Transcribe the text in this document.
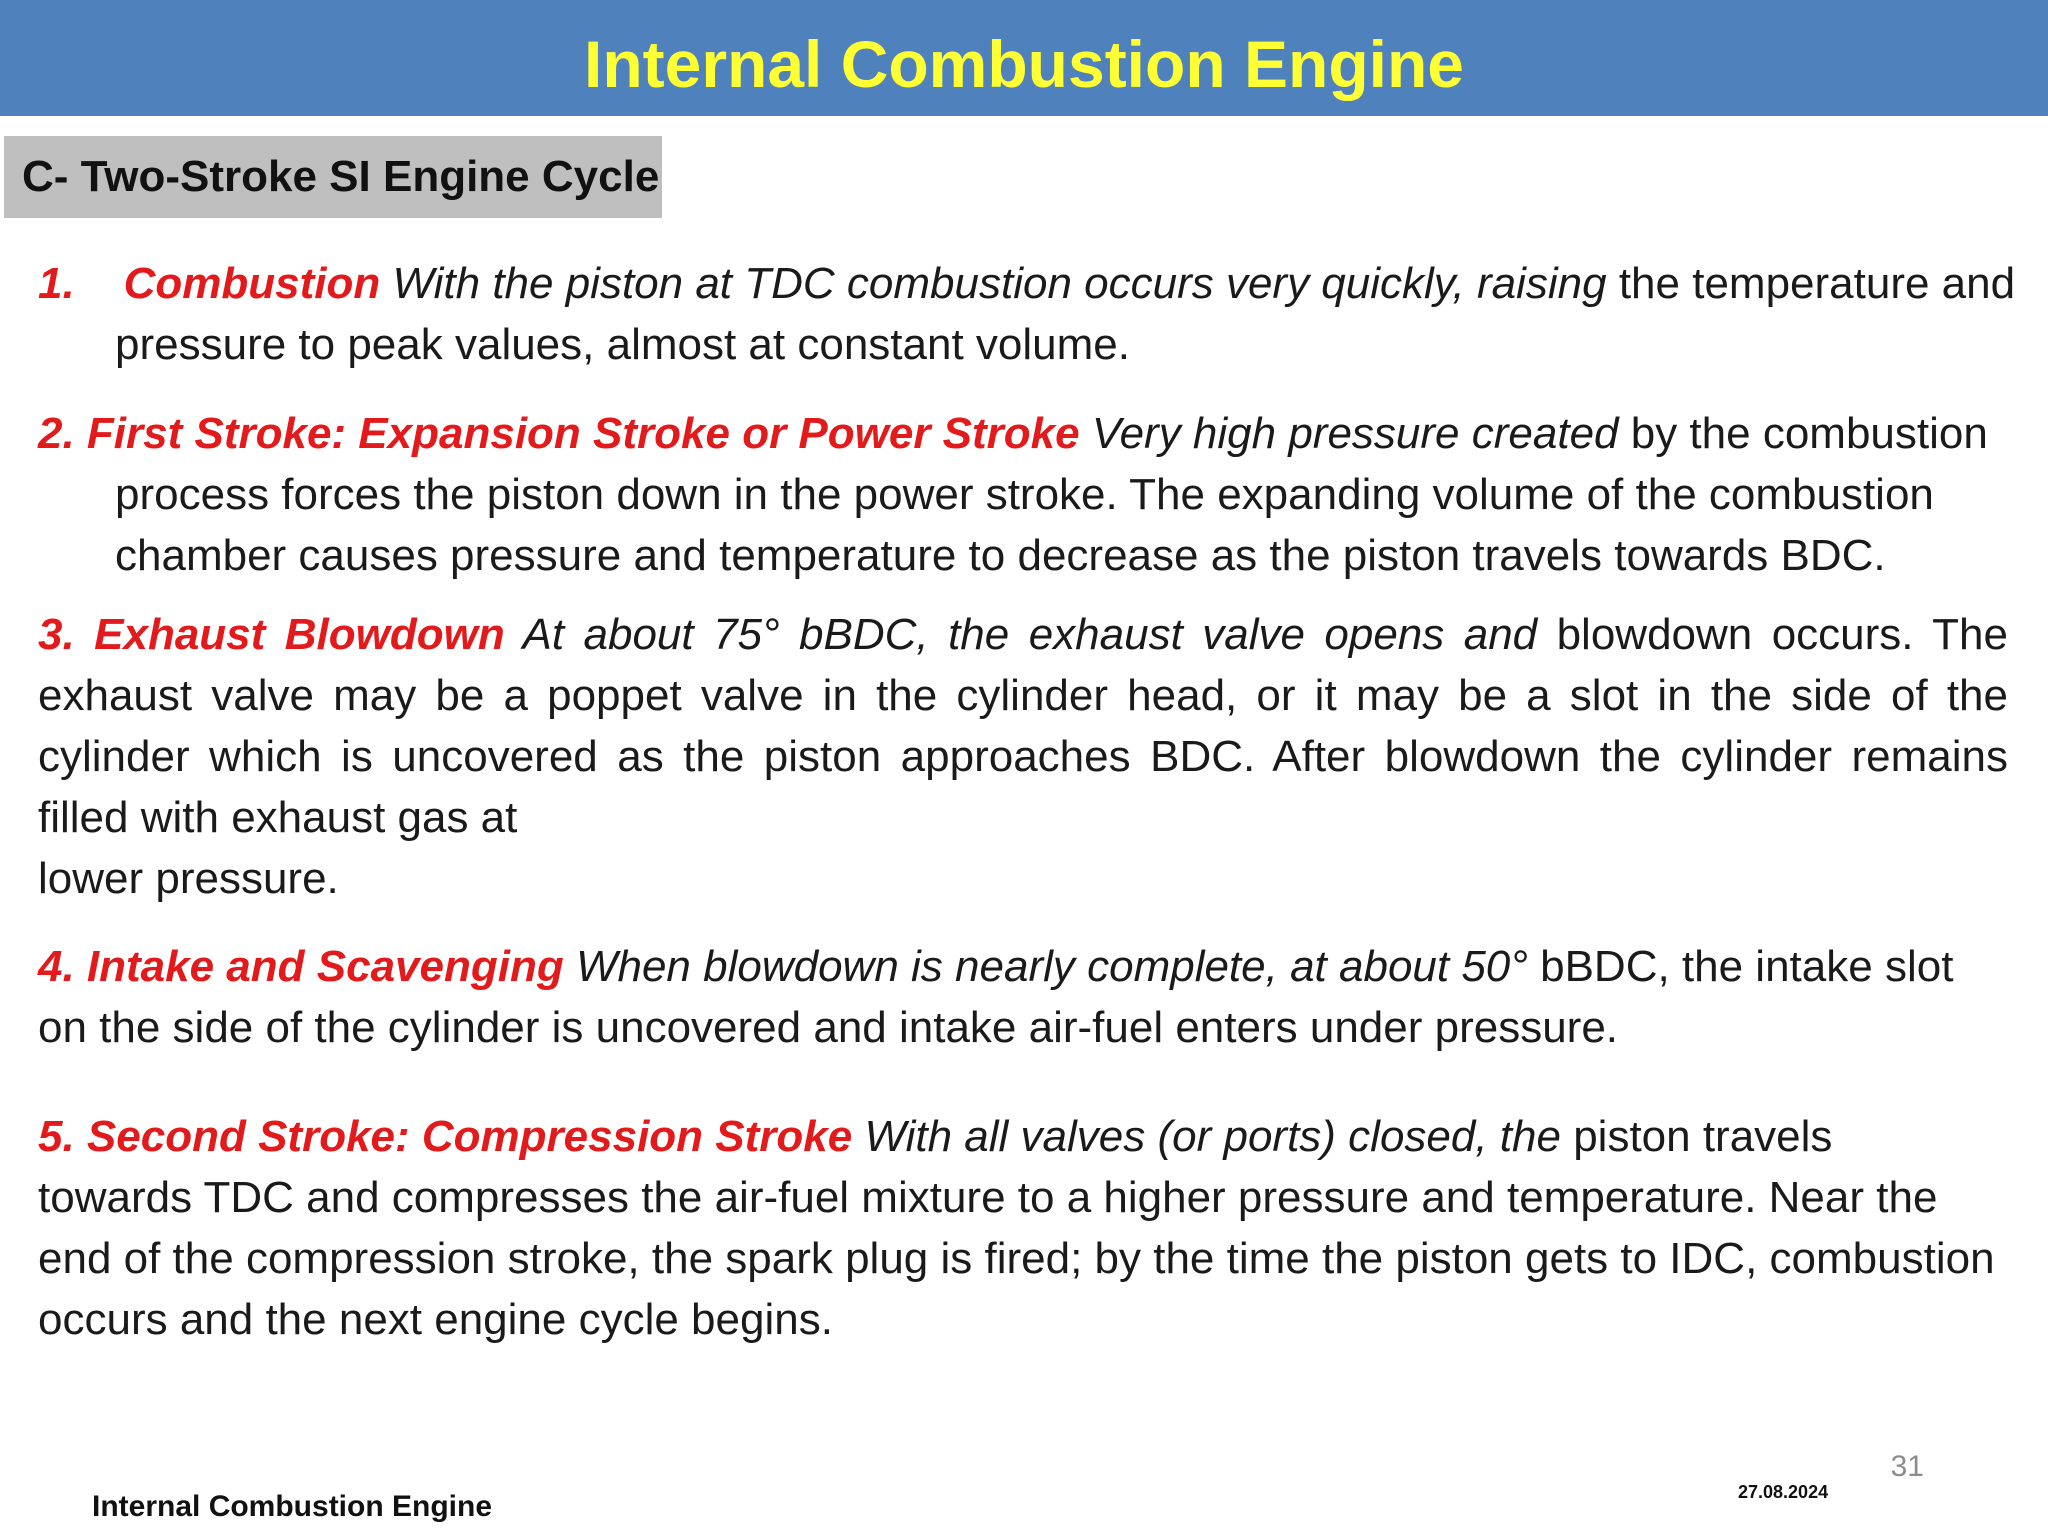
Internal Combustion Engine
C- Two-Stroke SI Engine Cycle
1. Combustion With the piston at TDC combustion occurs very quickly, raising the temperature and pressure to peak values, almost at constant volume.
2. First Stroke: Expansion Stroke or Power Stroke Very high pressure created by the combustion process forces the piston down in the power stroke. The expanding volume of the combustion chamber causes pressure and temperature to decrease as the piston travels towards BDC.
3. Exhaust Blowdown At about 75° bBDC, the exhaust valve opens and blowdown occurs. The exhaust valve may be a poppet valve in the cylinder head, or it may be a slot in the side of the cylinder which is uncovered as the piston approaches BDC. After blowdown the cylinder remains filled with exhaust gas at
lower pressure.
4. Intake and Scavenging When blowdown is nearly complete, at about 50° bBDC, the intake slot on the side of the cylinder is uncovered and intake air-fuel enters under pressure.
5. Second Stroke: Compression Stroke With all valves (or ports) closed, the piston travels towards TDC and compresses the air-fuel mixture to a higher pressure and temperature. Near the end of the compression stroke, the spark plug is fired; by the time the piston gets to IDC, combustion occurs and the next engine cycle begins.
31
Internal Combustion Engine	27.08.2024
